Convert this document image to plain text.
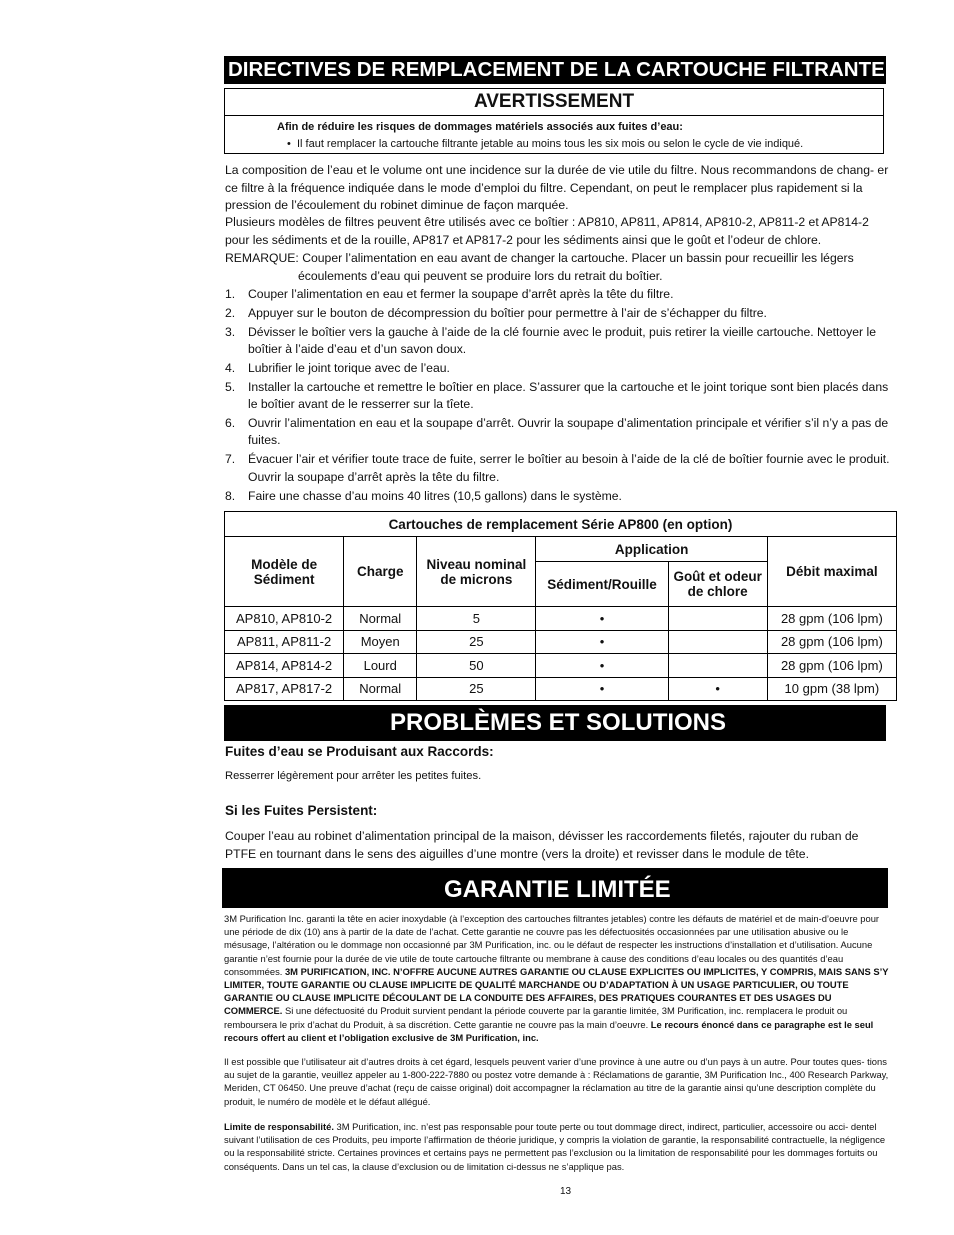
DIRECTIVES DE REMPLACEMENT DE LA CARTOUCHE FILTRANTE
AVERTISSEMENT
Afin de réduire les risques de dommages matériels associés aux fuites d’eau:
•  Il faut remplacer la cartouche filtrante jetable au moins tous les six mois ou selon le cycle de vie indiqué.
La composition de l’eau et le volume ont une incidence sur la durée de vie utile du filtre. Nous recommandons de chang- er ce filtre à la fréquence indiquée dans le mode d’emploi du filtre. Cependant, on peut le remplacer plus rapidement si la pression de l’écoulement du robinet diminue de façon marquée.
Plusieurs modèles de filtres peuvent être utilisés avec ce boîtier : AP810, AP811, AP814, AP810-2, AP811-2 et AP814-2 pour les sédiments et de la rouille, AP817 et AP817-2 pour les sédiments ainsi que le goût et l’odeur de chlore.
REMARQUE: Couper l’alimentation en eau avant de changer la cartouche. Placer un bassin pour recueillir les légers
écoulements d’eau qui peuvent se produire lors du retrait du boîtier.
1. Couper l’alimentation en eau et fermer la soupape d’arrêt après la tête du filtre.
2. Appuyer sur le bouton de décompression du boîtier pour permettre à l’air de s’échapper du filtre.
3. Dévisser le boîtier vers la gauche à l’aide de la clé fournie avec le produit, puis retirer la vieille cartouche. Nettoyer le boîtier à l’aide d’eau et d’un savon doux.
4. Lubrifier le joint torique avec de l’eau.
5. Installer la cartouche et remettre le boîtier en place. S’assurer que la cartouche et le joint torique sont bien placés dans le boîtier avant de le resserrer sur la tîete.
6. Ouvrir l’alimentation en eau et la soupape d’arrêt. Ouvrir la soupape d’alimentation principale et vérifier s’il n’y a pas de fuites.
7. Évacuer l’air et vérifier toute trace de fuite, serrer le boîtier au besoin à l’aide de la clé de boîtier fournie avec le produit. Ouvrir la soupape d’arrêt après la tête du filtre.
8. Faire une chasse d’au moins 40 litres (10,5 gallons) dans le système.
Cartouches de remplacement Série AP800 (en option)					
Modèle de Sédiment	Charge	Niveau nominal de microns	Application		Débit maximal
			Sédiment/Rouille	Goût et odeur de chlore	
AP810, AP810-2	Normal	5	•		28 gpm (106 lpm)
AP811, AP811-2	Moyen	25	•		28 gpm (106 lpm)
AP814, AP814-2	Lourd	50	•		28 gpm (106 lpm)
AP817, AP817-2	Normal	25	•	•	10 gpm (38 lpm)
PROBLÈMES ET SOLUTIONS
Fuites d’eau se Produisant aux Raccords:
Resserrer légèrement pour arrêter les petites fuites.
Si les Fuites Persistent:
Couper l’eau au robinet d’alimentation principal de la maison, dévisser les raccordements filetés, rajouter du ruban de PTFE en tournant dans le sens des aiguilles d’une montre (vers la droite) et revisser dans le module de tête.
GARANTIE LIMITÉE
3M Purification Inc. garanti la tête en acier inoxydable (à l’exception des cartouches filtrantes jetables) contre les défauts de matériel et de main-d’oeuvre pour une période de dix (10) ans à partir de la date de l’achat. Cette garantie ne couvre pas les défectuosités occasionnées par une utilisation abusive ou le mésusage, l’altération ou le dommage non occasionné par 3M Purification, inc. ou le défaut de respecter les instructions d’installation et d’utilisation. Aucune garantie n’est fournie pour la durée de vie utile de toute cartouche filtrante ou membrane à cause des conditions d’eau locales ou des quantités d’eau consommées. 3M PURIFICATION, INC. N’OFFRE AUCUNE AUTRES GARANTIE OU CLAUSE EXPLICITES OU IMPLICITES, Y COMPRIS, MAIS SANS S’Y LIMITER, TOUTE GARANTIE OU CLAUSE IMPLICITE DE QUALITÉ MARCHANDE OU D’ADAPTATION À UN USAGE PARTICULIER, OU TOUTE GARANTIE OU CLAUSE IMPLICITE DÉCOULANT DE LA CONDUITE DES AFFAIRES, DES PRATIQUES COURANTES ET DES USAGES DU COMMERCE. Si une défectuosité du Produit survient pendant la période couverte par la garantie limitée, 3M Purification, inc. remplacera le produit ou remboursera le prix d’achat du Produit, à sa discrétion. Cette garantie ne couvre pas la main d’oeuvre. Le recours énoncé dans ce paragraphe est le seul recours offert au client et l’obligation exclusive de 3M Purification, inc.
Il est possible que l’utilisateur ait d’autres droits à cet égard, lesquels peuvent varier d’une province à une autre ou d’un pays à un autre. Pour toutes ques- tions au sujet de la garantie, veuillez appeler au 1-800-222-7880 ou postez votre demande à : Réclamations de garantie, 3M Purification Inc., 400 Research Parkway, Meriden, CT 06450. Une preuve d’achat (reçu de caisse original) doit accompagner la réclamation au titre de la garantie ainsi qu’une description complète du produit, le numéro de modèle et le défaut allégué.
Limite de responsabilité. 3M Purification, inc. n’est pas responsable pour toute perte ou tout dommage direct, indirect, particulier, accessoire ou acci- dentel suivant l’utilisation de ces Produits, peu importe l’affirmation de théorie juridique, y compris la violation de garantie, la responsabilité contractuelle, la négligence ou la responsabilité stricte. Certaines provinces et certains pays ne permettent pas l’exclusion ou la limitation de responsabilité pour les dommages fortuits ou conséquents. Dans un tel cas, la clause d’exclusion ou de limitation ci-dessus ne s’applique pas.
13
